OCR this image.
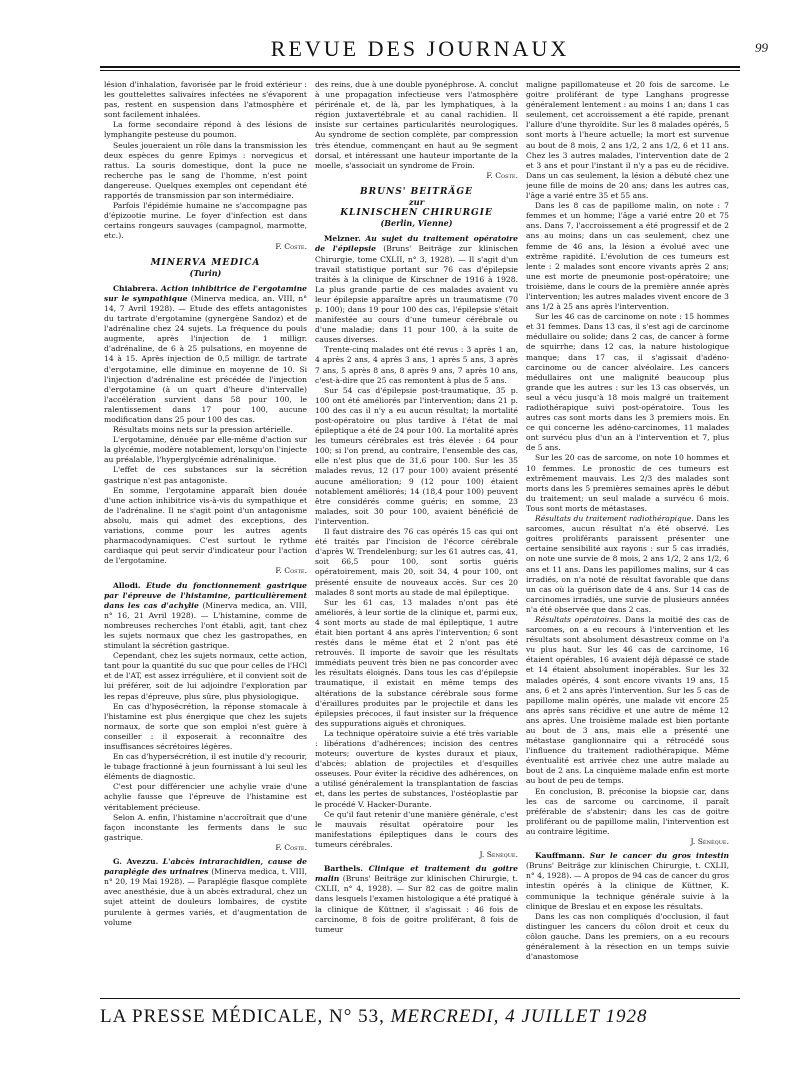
REVUE DES JOURNAUX	99

lésion d'inhalation, favorisée par le froid extérieur : les gouttelettes salivaires infectées ne s'évaporent pas, restent en suspension dans l'atmosphère et sont facilement inhalées.

La forme secondaire répond à des lésions de lymphangite pesteuse du poumon.

Seules joueraient un rôle dans la transmission les deux espèces du genre Epimys : norvegicus et rattus. La souris domestique, dont la puce ne recherche pas le sang de l'homme, n'est point dangereuse. Quelques exemples ont cependant été rapportés de transmission par son intermédiaire.

Parfois l'épidémie humaine ne s'accompagne pas d'épizootie murine. Le foyer d'infection est dans certains rongeurs sauvages (campagnol, marmotte, etc.).

F. Coste.
MINERVA MEDICA
(Turin)

Chiabrera. Action inhibitrice de l'ergotamine sur le sympathique (Minerva medica, an. VIII, n° 14, 7 Avril 1928). — Etude des effets antagonistes du tartrate d'ergotamine (gynergène Sandoz) et de l'adrénaline chez 24 sujets. La fréquence du pouls augmente, après l'injection de 1 milligr. d'adrénaline, de 6 à 25 pulsations, en moyenne de 14 à 15. Après injection de 0,5 milligr. de tartrate d'ergotamine, elle diminue en moyenne de 10. Si l'injection d'adrénaline est précédée de l'injection d'ergotamine (à un quart d'heure d'intervalle) l'accélération survient dans 58 pour 100, le ralentissement dans 17 pour 100, aucune modification dans 25 pour 100 des cas.

Résultats moins nets sur la pression artérielle.

L'ergotamine, dénuée par elle-même d'action sur la glycémie, modère notablement, lorsqu'on l'injecte au préalable, l'hyperglycémie adrénalinique.

L'effet de ces substances sur la sécrétion gastrique n'est pas antagoniste.

En somme, l'ergotamine apparaît bien douée d'une action inhibitrice vis-à-vis du sympathique et de l'adrénaline. Il ne s'agit point d'un antagonisme absolu, mais qui admet des exceptions, des variations, comme pour les autres agents pharmacodynamiques. C'est surtout le rythme cardiaque qui peut servir d'indicateur pour l'action de l'ergotamine.

F. Coste.

Allodi. Etude du fonctionnement gastrique par l'épreuve de l'histamine, particulièrement dans les cas d'achylie (Minerva medica, an. VIII, n° 16, 21 Avril 1928). — L'histamine, comme de nombreuses recherches l'ont établi, agit, tant chez les sujets normaux que chez les gastropathes, en stimulant la sécrétion gastrique.

Cependant, chez les sujets normaux, cette action, tant pour la quantité du suc que pour celles de l'HCl et de l'AT, est assez irrégulière, et il convient soit de lui préférer, soit de lui adjoindre l'exploration par les repas d'épreuve, plus sûre, plus physiologique.

En cas d'hyposécrétion, la réponse stomacale à l'histamine est plus énergique que chez les sujets normaux, de sorte que son emploi n'est guère à conseiller : il exposerait à reconnaître des insuffisances sécrétoires légères.

En cas d'hypersécrétion, il est inutile d'y recourir, le tubage fractionné à jeun fournissant à lui seul les éléments de diagnostic.

C'est pour différencier une achylie vraie d'une achylie fausse que l'épreuve de l'histamine est véritablement précieuse.

Selon A. enfin, l'histamine n'accroîtrait que d'une façon inconstante les ferments dans le suc gastrique.

F. Coste.

G. Avezzu. L'abcès intrarachidien, cause de paraplégie des urinaires (Minerva medica, t. VIII, n° 20, 19 Mai 1928). — Paraplégie flasque complète avec anesthésie, due à un abcès extradural, chez un sujet atteint de douleurs lombaires, de cystite purulente à germes variés, et d'augmentation de volume

des reins, due à une double pyonéphrose. A. conclut à une propagation infectieuse vers l'atmosphère périrénale et, de là, par les lymphatiques, à la région juxtavertébrale et au canal rachidien. Il insiste sur certaines particularités neurologiques. Au syndrome de section complète, par compression très étendue, commençant en haut au 9e segment dorsal, et intéressant une hauteur importante de la moelle, s'associait un syndrome de Froin.

F. Coste.
BRUNS' BEITRÄGE
zur
KLINISCHEN CHIRURGIE
(Berlin, Vienne)

Melzner. Au sujet du traitement opératoire de l'épilepsie (Bruns' Beiträge zur klinischen Chirurgie, tome CXLII, n° 3, 1928). — Il s'agit d'un travail statistique portant sur 76 cas d'épilepsie traités à la clinique de Kirschner de 1916 à 1928. La plus grande partie de ces malades avaient vu leur épilepsie apparaître après un traumatisme (70 p. 100); dans 19 pour 100 des cas, l'épilepsie s'était manifestée au cours d'une tumeur cérébrale ou d'une maladie; dans 11 pour 100, à la suite de causes diverses.

Trente-cinq malades ont été revus : 3 après 1 an, 4 après 2 ans, 4 après 3 ans, 1 après 5 ans, 3 après 7 ans, 5 après 8 ans, 8 après 9 ans, 7 après 10 ans, c'est-à-dire que 25 cas remontent à plus de 5 ans.

Sur 54 cas d'épilepsie post-traumatique, 35 p. 100 ont été améliorés par l'intervention; dans 21 p. 100 des cas il n'y a eu aucun résultat; la mortalité post-opératoire ou plus tardive à l'état de mal épileptique a été de 24 pour 100. La mortalité après les tumeurs cérébrales est très élevée : 64 pour 100; si l'on prend, au contraire, l'ensemble des cas, elle n'est plus que de 31,6 pour 100. Sur les 35 malades revus, 12 (17 pour 100) avaient présenté aucune amélioration; 9 (12 pour 100) étaient notablement améliorés; 14 (18,4 pour 100) peuvent être considérés comme guéris; en somme, 23 malades, soit 30 pour 100, avaient bénéficié de l'intervention.

Il faut distraire des 76 cas opérés 15 cas qui ont été traités par l'incision de l'écorce cérébrale d'après W. Trendelenburg; sur les 61 autres cas, 41, soit 66,5 pour 100, sont sortis guéris opératoirement, mais 20, soit 34, 4 pour 100, ont présenté ensuite de nouveaux accès. Sur ces 20 malades 8 sont morts au stade de mal épileptique.

Sur les 61 cas, 13 malades n'ont pas été améliorés, à leur sortie de la clinique et, parmi eux, 4 sont morts au stade de mal épileptique, 1 autre était bien portant 4 ans après l'intervention; 6 sont restés dans le même état et 2 n'ont pas été retrouvés. Il importe de savoir que les résultats immédiats peuvent très bien ne pas concorder avec les résultats éloignés. Dans tous les cas d'épilepsie traumatique, il existait en même temps des altérations de la substance cérébrale sous forme d'éraillures produites par le projectile et dans les épilepsies précoces, il faut insister sur la fréquence des suppurations aiguës et chroniques.

La technique opératoire suivie a été très variable : libérations d'adhérences; incision des centres moteurs; ouverture de kystes duraux et piaux, d'abcès; ablation de projectiles et d'esquilles osseuses. Pour éviter la récidive des adhérences, on a utilisé généralement la transplantation de fascias et, dans les pertes de substances, l'ostéoplastie par le procédé V. Hacker-Durante.

Ce qu'il faut retenir d'une manière générale, c'est le mauvais résultat opératoire pour les manifestations épileptiques dans le cours des tumeurs cérébrales.

J. Sénèque.

Barthels. Clinique et traitement du goitre malin (Bruns' Beiträge zur klinischen Chirurgie, t. CXLII, n° 4, 1928). — Sur 82 cas de goitre malin dans lesquels l'examen histologique a été pratiqué à la clinique de Küttner, il s'agissait : 46 fois de carcinome, 8 fois de goitre proliférant, 8 fois de tumeur

maligne papillomateuse et 20 fois de sarcome. Le goitre proliférant de type Langhans progresse généralement lentement : au moins 1 an; dans 1 cas seulement, cet accroissement a été rapide, prenant l'allure d'une thyroïdite. Sur les 8 malades opérés, 5 sont morts à l'heure actuelle; la mort est survenue au bout de 8 mois, 2 ans 1/2, 2 ans 1/2, 6 et 11 ans. Chez les 3 autres malades, l'intervention date de 2 et 3 ans et pour l'instant il n'y a pas eu de récidive. Dans un cas seulement, la lésion a débuté chez une jeune fille de moins de 20 ans; dans les autres cas, l'âge a varié entre 35 et 55 ans.

Dans les 8 cas de papillome malin, on note : 7 femmes et un homme; l'âge a varié entre 20 et 75 ans. Dans 7, l'accroissement a été progressif et de 2 ans au moins; dans un cas seulement, chez une femme de 46 ans, la lésion a évolué avec une extrême rapidité. L'évolution de ces tumeurs est lente : 2 malades sont encore vivants après 2 ans; une est morte de pneumonie post-opératoire; une troisième, dans le cours de la première année après l'intervention; les autres malades vivent encore de 3 ans 1/2 à 25 ans après l'intervention.

Sur les 46 cas de carcinome on note : 15 hommes et 31 femmes. Dans 13 cas, il s'est agi de carcinome médullaire ou solide; dans 2 cas, de cancer à forme de squirrhe; dans 12 cas, la nature histologique manque; dans 17 cas, il s'agissait d'adéno-carcinome ou de cancer alvéolaire. Les cancers médullaires ont une malignité beaucoup plus grande que les autres : sur les 13 cas observés, un seul a vécu jusqu'à 18 mois malgré un traitement radiothérapique suivi post-opératoire. Tous les autres cas sont morts dans les 3 premiers mois. En ce qui concerne les adéno-carcinomes, 11 malades ont survécu plus d'un an à l'intervention et 7, plus de 5 ans.

Sur les 20 cas de sarcome, on note 10 hommes et 10 femmes. Le pronostic de ces tumeurs est extrêmement mauvais. Les 2/3 des malades sont morts dans les 5 premières semaines après le début du traitement; un seul malade a survécu 6 mois. Tous sont morts de métastases.

Résultats du traitement radiothérapique. Dans les sarcomes, aucun résultat n'a été observé. Les goitres proliférants paraissent présenter une certaine sensibilité aux rayons : sur 5 cas irradiés, on note une survie de 8 mois, 2 ans 1/2, 2 ans 1/2, 6 ans et 11 ans. Dans les papillomes malins, sur 4 cas irradiés, on n'a noté de résultat favorable que dans un cas où la guérison date de 4 ans. Sur 14 cas de carcinomes irradiés, une survie de plusieurs années n'a été observée que dans 2 cas.

Résultats opératoires. Dans la moitié des cas de sarcomes, on a eu recours à l'intervention et les résultats sont absolument désastreux comme on l'a vu plus haut. Sur les 46 cas de carcinome, 16 étaient opérables, 16 avaient déjà dépassé ce stade et 14 étaient absolument inopérables. Sur les 32 malades opérés, 4 sont encore vivants 19 ans, 15 ans, 6 et 2 ans après l'intervention. Sur les 5 cas de papillome malin opérés, une malade vit encore 25 ans après sans récidive et une autre de même 12 ans après. Une troisième malade est bien portante au bout de 3 ans, mais elle a présenté une métastase ganglionnaire qui a rétrocédé sous l'influence du traitement radiothérapique. Même éventualité est arrivée chez une autre malade au bout de 2 ans. La cinquième malade enfin est morte au bout de peu de temps.

En conclusion, B. préconise la biopsie car, dans les cas de sarcome ou carcinome, il paraît préférable de s'abstenir; dans les cas de goitre proliférant ou de papillome malin, l'intervention est au contraire légitime.

J. Sénèque.

Kauffmann. Sur le cancer du gros intestin (Bruns' Beiträge zur klinischen Chirurgie, t. CXLII, n° 4, 1928). — A propos de 94 cas de cancer du gros intestin opérés à la clinique de Küttner, K. communique la technique générale suivie à la clinique de Breslau et en expose les résultats.

Dans les cas non compliqués d'occlusion, il faut distinguer les cancers du côlon droit et ceux du côlon gauche. Dans les premiers, on a eu recours généralement à la résection en un temps suivie d'anastomose

LA PRESSE MÉDICALE, N° 53, MERCREDI, 4 JUILLET 1928
